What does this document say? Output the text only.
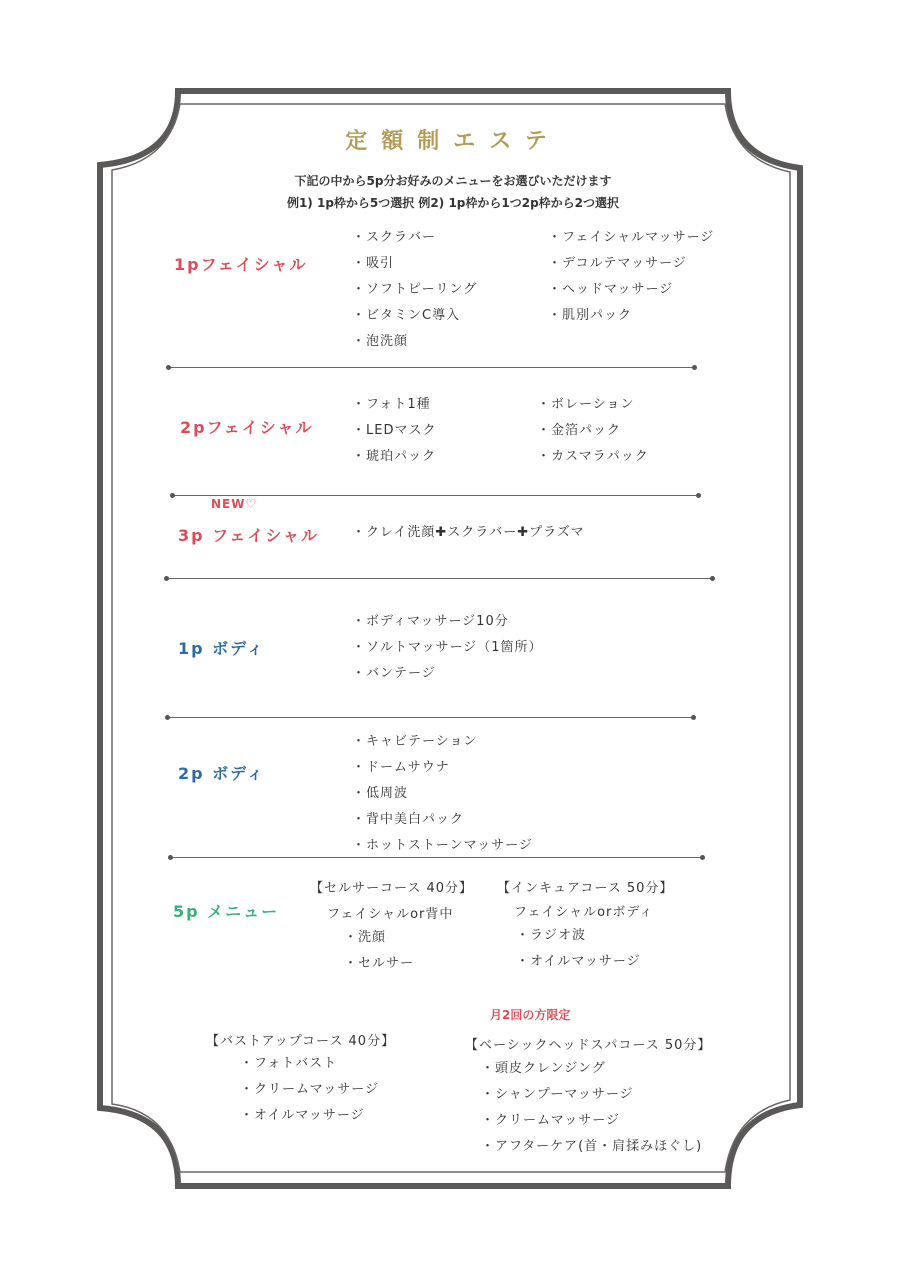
定額制エステ
下記の中から5p分お好みのメニューをお選びいただけます
例1) 1p枠から5つ選択 例2) 1p枠から1つ2p枠から2つ選択
1pフェイシャル
・スクラバー
・吸引
・ソフトピーリング
・ビタミンC導入
・泡洗顔
・フェイシャルマッサージ
・デコルテマッサージ
・ヘッドマッサージ
・肌別パック
2pフェイシャル
・フォト1種
・LEDマスク
・琥珀パック
・ボレーション
・金箔パック
・カスマラパック
NEW♡
3p フェイシャル	・クレイ洗顔✚スクラバー✚プラズマ
1p ボディ
・ボディマッサージ10分
・ソルトマッサージ（1箇所）
・バンテージ
2p ボディ
・キャビテーション
・ドームサウナ
・低周波
・背中美白パック
・ホットストーンマッサージ
5p メニュー
【セルサーコース 40分】
フェイシャルor背中
・洗顔
・セルサー
【インキュアコース 50分】
フェイシャルorボディ
・ラジオ波
・オイルマッサージ
月2回の方限定
【バストアップコース 40分】
・フォトバスト
・クリームマッサージ
・オイルマッサージ
【ベーシックヘッドスパコース 50分】
・頭皮クレンジング
・シャンプーマッサージ
・クリームマッサージ
・アフターケア(首・肩揉みほぐし)
